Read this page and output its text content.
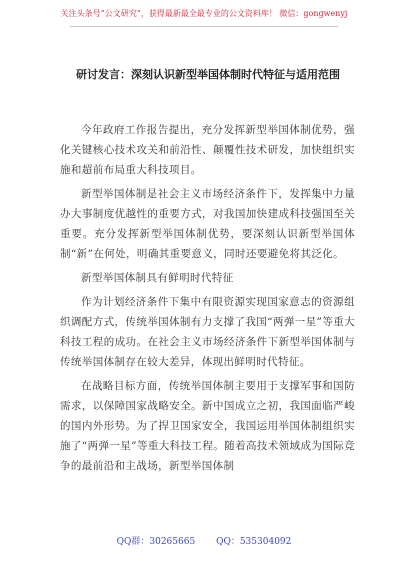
关注头条号“公文研究”，获得最新最全最专业的公文资料库！ 微信：gongwenyj
研讨发言：深刻认识新型举国体制时代特征与适用范围

今年政府工作报告提出，充分发挥新型举国体制优势，强化关键核心技术攻关和前沿性、颠覆性技术研发，加快组织实施和超前布局重大科技项目。

新型举国体制是社会主义市场经济条件下，发挥集中力量办大事制度优越性的重要方式，对我国加快建成科技强国至关重要。充分发挥新型举国体制优势，要深刻认识新型举国体制“新”在何处，明确其重要意义，同时还要避免将其泛化。

新型举国体制具有鲜明时代特征

作为计划经济条件下集中有限资源实现国家意志的资源组织调配方式，传统举国体制有力支撑了我国“两弹一星”等重大科技工程的成功。在社会主义市场经济条件下新型举国体制与传统举国体制存在较大差异，体现出鲜明时代特征。

在战略目标方面，传统举国体制主要用于支撑军事和国防需求，以保障国家战略安全。新中国成立之初，我国面临严峻的国内外形势。为了捍卫国家安全，我国运用举国体制组织实施了“两弹一星”等重大科技工程。随着高技术领域成为国际竞争的最前沿和主战场，新型举国体制

QQ群：30265665 QQ：535304092
